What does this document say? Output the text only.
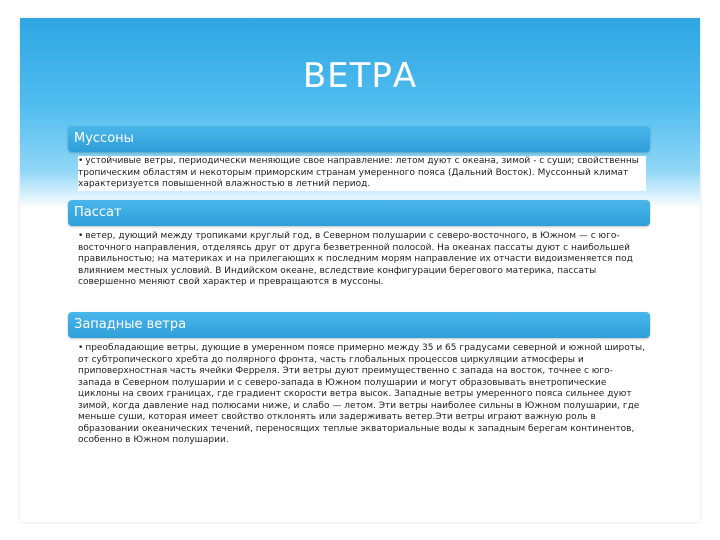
ВЕТРА
Муссоны
• устойчивые ветры, периодически меняющие свое направление: летом дуют с океана, зимой - с суши; свойственны тропическим областям и некоторым приморским странам умеренного пояса (Дальний Восток). Муссонный климат характеризуется повышенной влажностью в летний период.
Пассат
• ветер, дующий между тропиками круглый год, в Северном полушарии с северо-восточного, в Южном — с юго-восточного направления, отделяясь друг от друга безветренной полосой. На океанах пассаты дуют с наибольшей правильностью; на материках и на прилегающих к последним морям направление их отчасти видоизменяется под влиянием местных условий. В Индийском океане, вследствие конфигурации берегового материка, пассаты совершенно меняют свой характер и превращаются в муссоны.
Западные ветра
• преобладающие ветры, дующие в умеренном поясе примерно между 35 и 65 градусами северной и южной широты, от субтропического хребта до полярного фронта, часть глобальных процессов циркуляции атмосферы и приповерхностная часть ячейки Ферреля. Эти ветры дуют преимущественно с запада на восток, точнее с юго-запада в Северном полушарии и с северо-запада в Южном полушарии и могут образовывать внетропические циклоны на своих границах, где градиент скорости ветра высок. Западные ветры умеренного пояса сильнее дуют зимой, когда давление над полюсами ниже, и слабо — летом. Эти ветры наиболее сильны в Южном полушарии, где меньше суши, которая имеет свойство отклонять или задерживать ветер.Эти ветры играют важную роль в образовании океанических течений, переносящих теплые экваториальные воды к западным берегам континентов, особенно в Южном полушарии.
